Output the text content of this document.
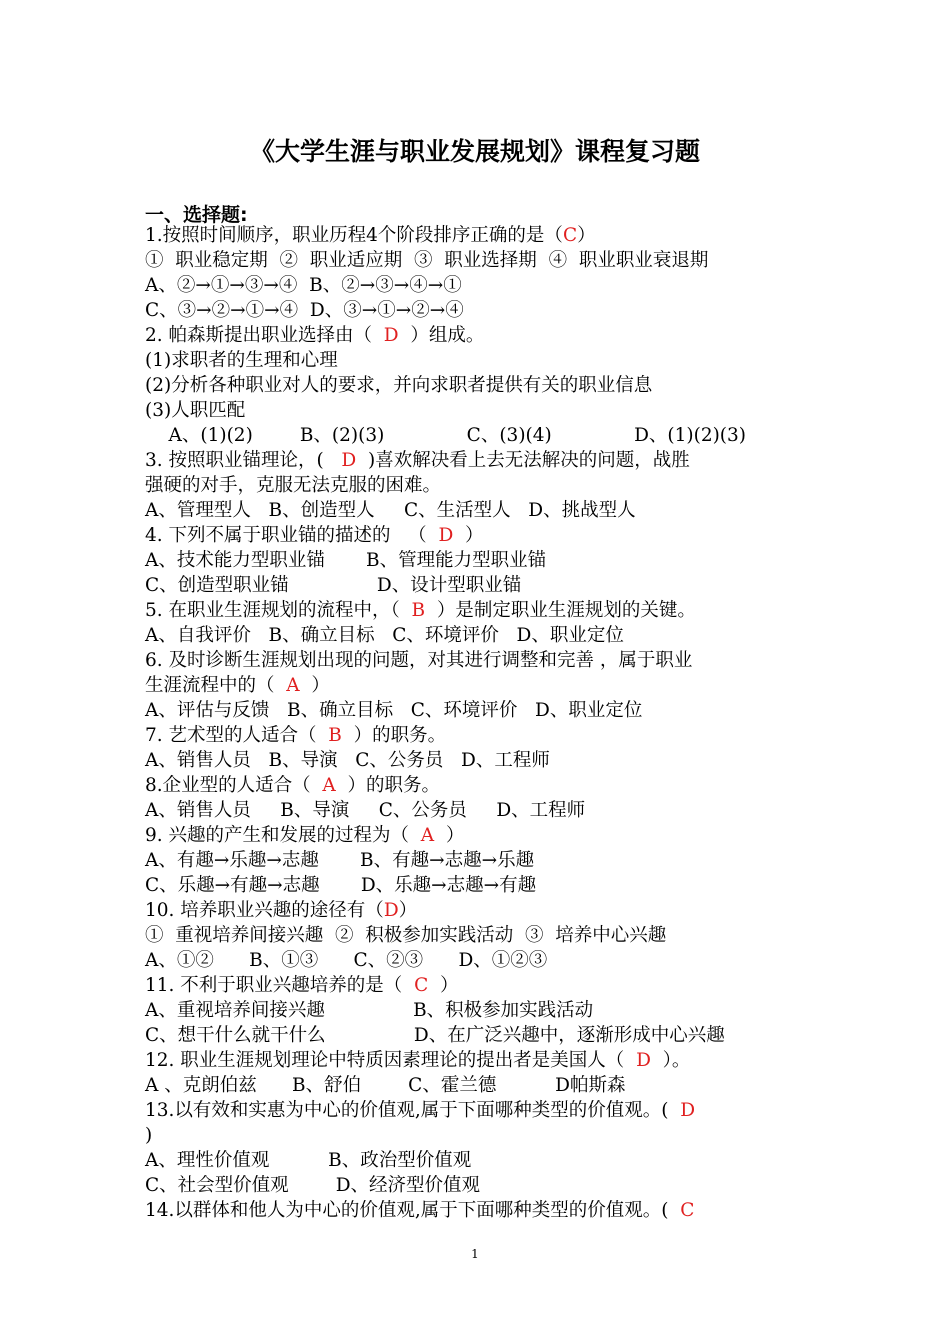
《大学生涯与职业发展规划》课程复习题
一、选择题:
1.按照时间顺序，职业历程4个阶段排序正确的是（C）
①  职业稳定期  ②  职业适应期  ③  职业选择期  ④  职业职业衰退期
A、②→①→③→④  B、②→③→④→①
C、③→②→①→④  D、③→①→②→④
2. 帕森斯提出职业选择由（  D  ）组成。
(1)求职者的生理和心理
(2)分析各种职业对人的要求，并向求职者提供有关的职业信息
(3)人职匹配
A、(1)(2)        B、(2)(3)              C、(3)(4)              D、(1)(2)(3)
3. 按照职业锚理论，(   D  )喜欢解决看上去无法解决的问题，战胜
强硬的对手，克服无法克服的困难。
A、管理型人   B、创造型人     C、生活型人   D、挑战型人
4. 下列不属于职业锚的描述的   （  D  ）
A、技术能力型职业锚       B、管理能力型职业锚
C、创造型职业锚               D、设计型职业锚
5. 在职业生涯规划的流程中，（  B  ）是制定职业生涯规划的关键。
A、自我评价   B、确立目标   C、环境评价   D、职业定位
6. 及时诊断生涯规划出现的问题，对其进行调整和完善 ，属于职业
生涯流程中的（  A  ）
A、评估与反馈   B、确立目标   C、环境评价   D、职业定位
7. 艺术型的人适合（  B  ）的职务。
A、销售人员   B、导演   C、公务员   D、工程师
8.企业型的人适合（  A  ）的职务。
A、销售人员     B、导演     C、公务员     D、工程师
9. 兴趣的产生和发展的过程为（  A  ）
A、有趣→乐趣→志趣       B、有趣→志趣→乐趣
C、乐趣→有趣→志趣       D、乐趣→志趣→有趣
10. 培养职业兴趣的途径有（D）
①  重视培养间接兴趣  ②  积极参加实践活动  ③  培养中心兴趣
A、①②      B、①③      C、②③      D、①②③
11. 不利于职业兴趣培养的是（  C  ）
A、重视培养间接兴趣               B、积极参加实践活动
C、想干什么就干什么               D、在广泛兴趣中，逐渐形成中心兴趣
12. 职业生涯规划理论中特质因素理论的提出者是美国人（  D  ）。
A 、克朗伯兹      B、舒伯        C、霍兰德          D帕斯森
13.以有效和实惠为中心的价值观,属于下面哪种类型的价值观。(  D
)
A、理性价值观          B、政治型价值观
C、社会型价值观        D、经济型价值观
14.以群体和他人为中心的价值观,属于下面哪种类型的价值观。(  C
1
